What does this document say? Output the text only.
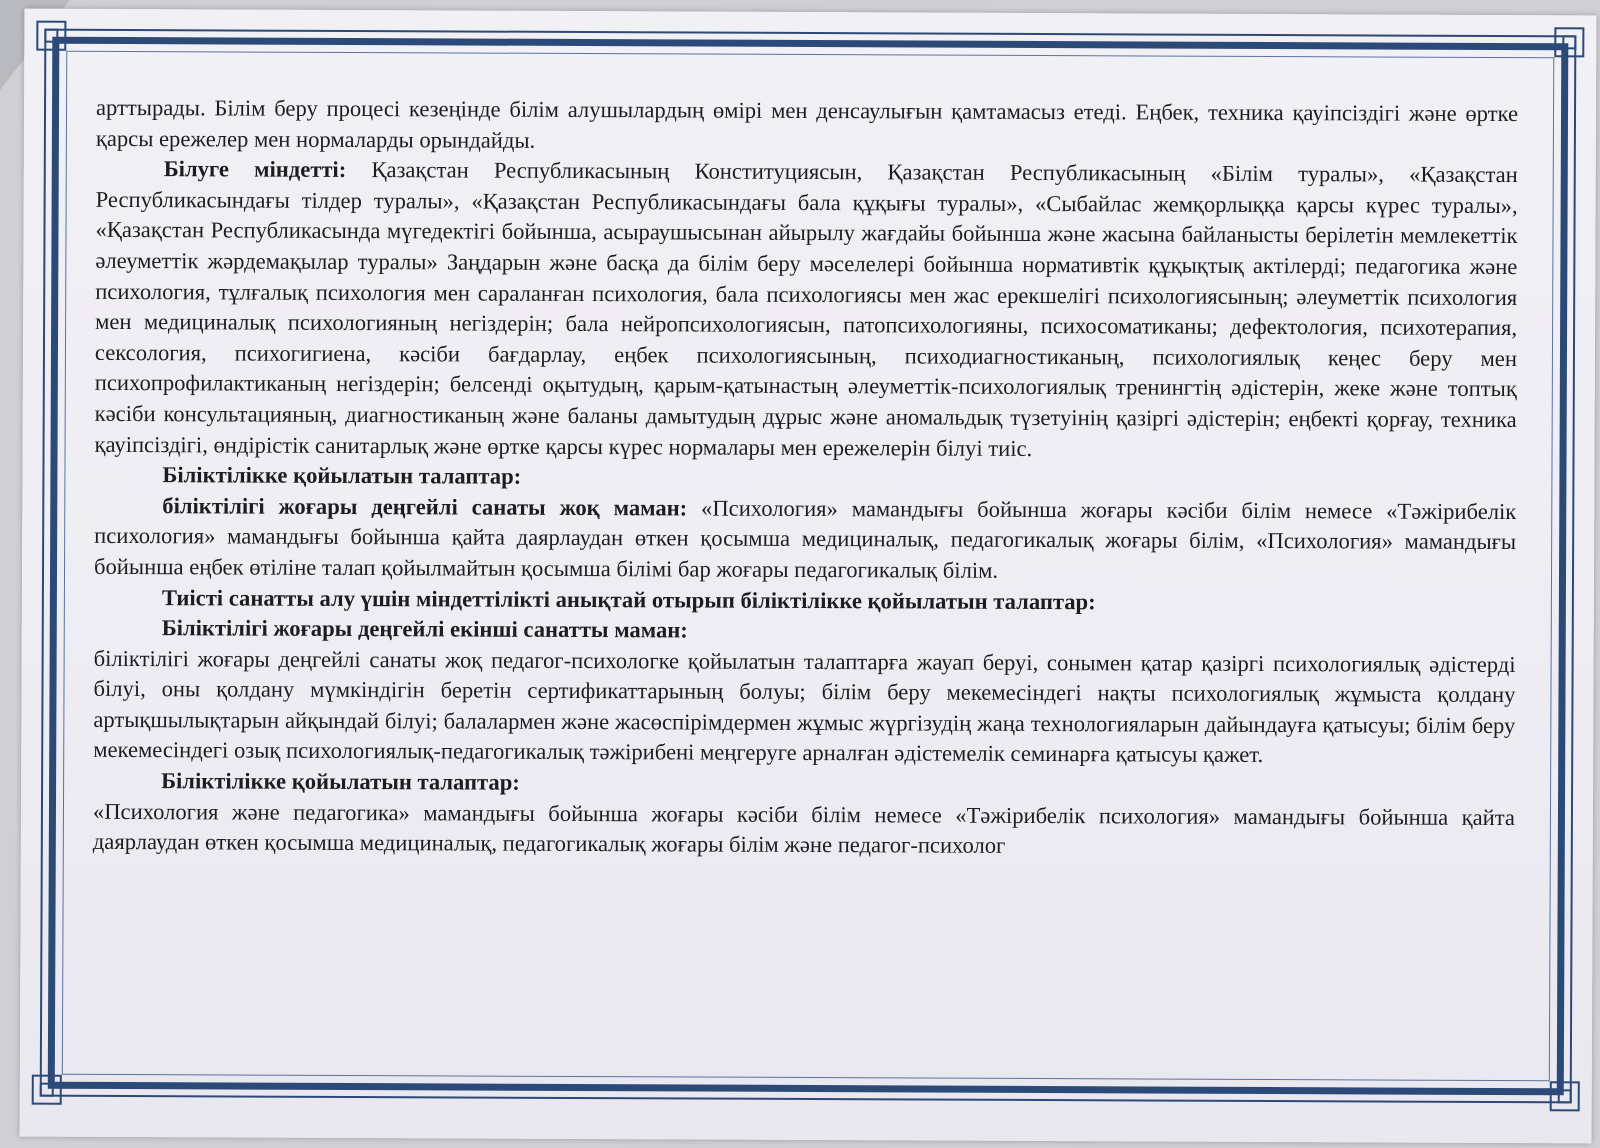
арттырады. Білім беру процесі кезеңінде білім алушылардың өмірі мен денсаулығын қамтамасыз етеді. Еңбек, техника қауіпсіздігі және өртке қарсы ережелер мен нормаларды орындайды.

Білуге міндетті: Қазақстан Республикасының Конституциясын, Қазақстан Республикасының «Білім туралы», «Қазақстан Республикасындағы тілдер туралы», «Қазақстан Республикасындағы бала құқығы туралы», «Сыбайлас жемқорлыққа қарсы күрес туралы», «Қазақстан Республикасында мүгедектігі бойынша, асыраушысынан айырылу жағдайы бойынша және жасына байланысты берілетін мемлекеттік әлеуметтік жәрдемақылар туралы» Заңдарын және басқа да білім беру мәселелері бойынша нормативтік құқықтық актілерді; педагогика және психология, тұлғалық психология мен сараланған психология, бала психологиясы мен жас ерекшелігі психологиясының; әлеуметтік психология мен медициналық психологияның негіздерін; бала нейропсихологиясын, патопсихологияны, психосоматиканы; дефектология, психотерапия, сексология, психогигиена, кәсіби бағдарлау, еңбек психологиясының, психодиагностиканың, психологиялық кеңес беру мен психопрофилактиканың негіздерін; белсенді оқытудың, қарым-қатынастың әлеуметтік-психологиялық тренингтің әдістерін, жеке және топтық кәсіби консультацияның, диагностиканың және баланы дамытудың дұрыс және аномальдық түзетуінің қазіргі әдістерін; еңбекті қорғау, техника қауіпсіздігі, өндірістік санитарлық және өртке қарсы күрес нормалары мен ережелерін білуі тиіс.

Біліктілікке қойылатын талаптар:

біліктілігі жоғары деңгейлі санаты жоқ маман: «Психология» мамандығы бойынша жоғары кәсіби білім немесе «Тәжірибелік психология» мамандығы бойынша қайта даярлаудан өткен қосымша медициналық, педагогикалық жоғары білім, «Психология» мамандығы бойынша еңбек өтіліне талап қойылмайтын қосымша білімі бар жоғары педагогикалық білім.

Тиісті санатты алу үшін міндеттілікті анықтай отырып біліктілікке қойылатын талаптар:

Біліктілігі жоғары деңгейлі екінші санатты маман:

біліктілігі жоғары деңгейлі санаты жоқ педагог-психологке қойылатын талаптарға жауап беруі, сонымен қатар қазіргі психологиялық әдістерді білуі, оны қолдану мүмкіндігін беретін сертификаттарының болуы; білім беру мекемесіндегі нақты психологиялық жұмыста қолдану артықшылықтарын айқындай білуі; балалармен және жасөспірімдермен жұмыс жүргізудің жаңа технологияларын дайындауға қатысуы; білім беру мекемесіндегі озық психологиялық-педагогикалық тәжірибені меңгеруге арналған әдістемелік семинарға қатысуы қажет.

Біліктілікке қойылатын талаптар:

«Психология және педагогика» мамандығы бойынша жоғары кәсіби білім немесе «Тәжірибелік психология» мамандығы бойынша қайта даярлаудан өткен қосымша медициналық, педагогикалық жоғары білім және педагог-психолог
